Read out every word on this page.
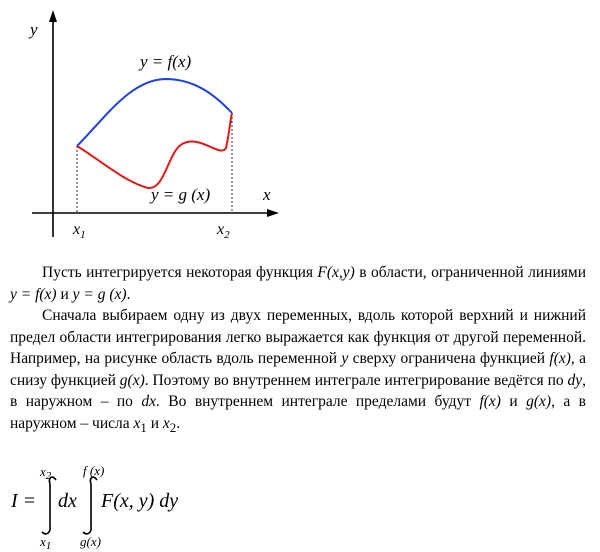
y
x
y = f(x)
y = g (x)
$x_1$	$x_2$

Пусть интегрируется некоторая функция F(x,y) в области, ограниченной линиями y = f(x) и y = g (x).

Сначала выбираем одну из двух переменных, вдоль которой верхний и нижний предел области интегрирования легко выражается как функция от другой переменной. Например, на рисунке область вдоль переменной y сверху ограничена функцией f(x), а снизу функцией g(x). Поэтому во внутреннем интеграле интегрирование ведётся по dy, в наружном – по dx. Во внутреннем интеграле пределами будут f(x) и g(x), а в наружном – числа $x_1$ и $x_2$.

I =
$x_2$
$x_1$
dx
f (x)
g(x)
F(x, y) dy
